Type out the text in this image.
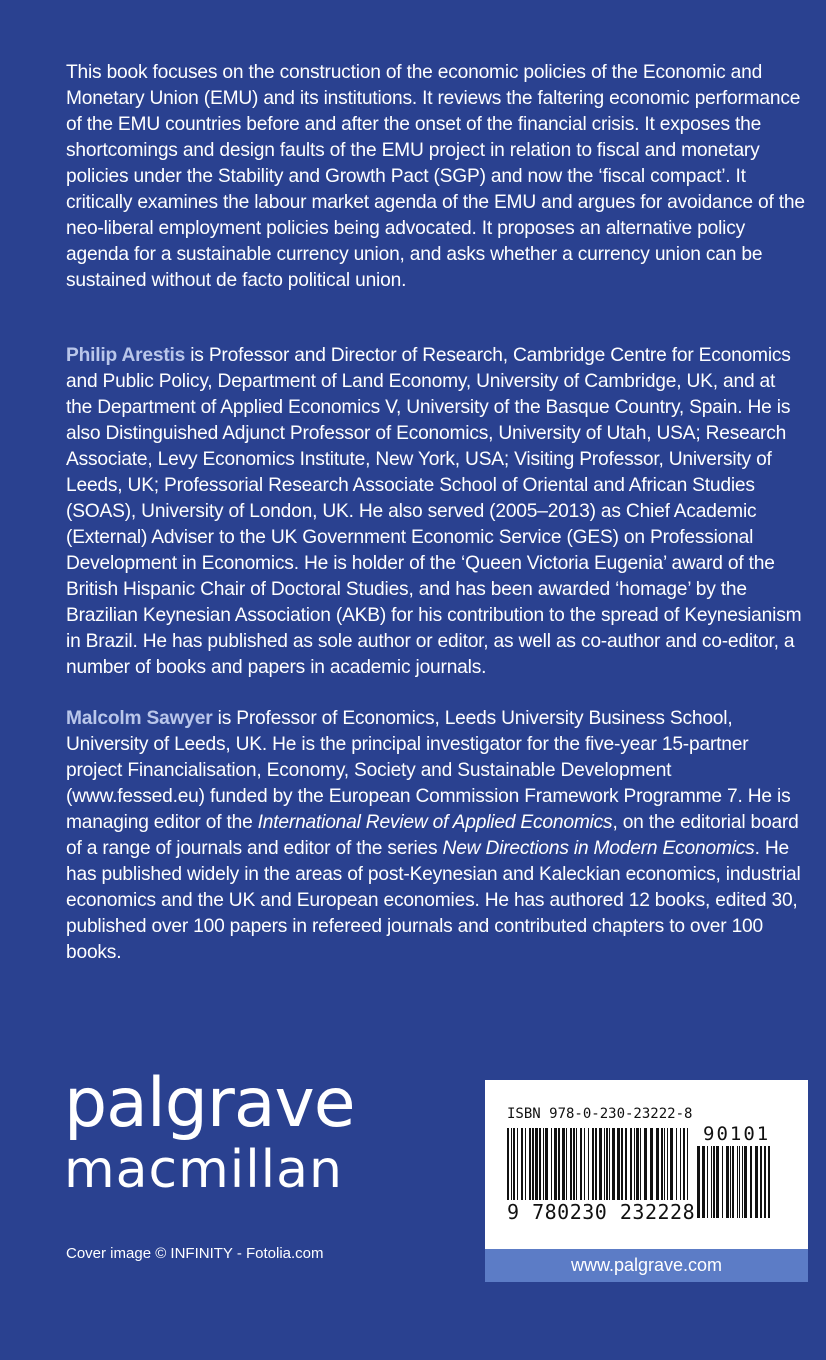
This book focuses on the construction of the economic policies of the Economic and Monetary Union (EMU) and its institutions. It reviews the faltering economic performance of the EMU countries before and after the onset of the financial crisis. It exposes the shortcomings and design faults of the EMU project in relation to fiscal and monetary policies under the Stability and Growth Pact (SGP) and now the ‘fiscal compact’. It critically examines the labour market agenda of the EMU and argues for avoidance of the neo-liberal employment policies being advocated. It proposes an alternative policy agenda for a sustainable currency union, and asks whether a currency union can be sustained without de facto political union.
Philip Arestis is Professor and Director of Research, Cambridge Centre for Economics and Public Policy, Department of Land Economy, University of Cambridge, UK, and at the Department of Applied Economics V, University of the Basque Country, Spain. He is also Distinguished Adjunct Professor of Economics, University of Utah, USA; Research Associate, Levy Economics Institute, New York, USA; Visiting Professor, University of Leeds, UK; Professorial Research Associate School of Oriental and African Studies (SOAS), University of London, UK. He also served (2005–2013) as Chief Academic (External) Adviser to the UK Government Economic Service (GES) on Professional Development in Economics. He is holder of the ‘Queen Victoria Eugenia’ award of the British Hispanic Chair of Doctoral Studies, and has been awarded ‘homage’ by the Brazilian Keynesian Association (AKB) for his contribution to the spread of Keynesianism in Brazil. He has published as sole author or editor, as well as co-author and co-editor, a number of books and papers in academic journals.
Malcolm Sawyer is Professor of Economics, Leeds University Business School, University of Leeds, UK. He is the principal investigator for the five-year 15-partner project Financialisation, Economy, Society and Sustainable Development (www.fessed.eu) funded by the European Commission Framework Programme 7. He is managing editor of the International Review of Applied Economics, on the editorial board of a range of journals and editor of the series New Directions in Modern Economics. He has published widely in the areas of post-Keynesian and Kaleckian economics, industrial economics and the UK and European economies. He has authored 12 books, edited 30, published over 100 papers in refereed journals and contributed chapters to over 100 books.
palgrave
macmillan
Cover image © INFINITY - Fotolia.com
ISBN 978-0-230-23222-8
90101
9 780230 232228
www.palgrave.com
